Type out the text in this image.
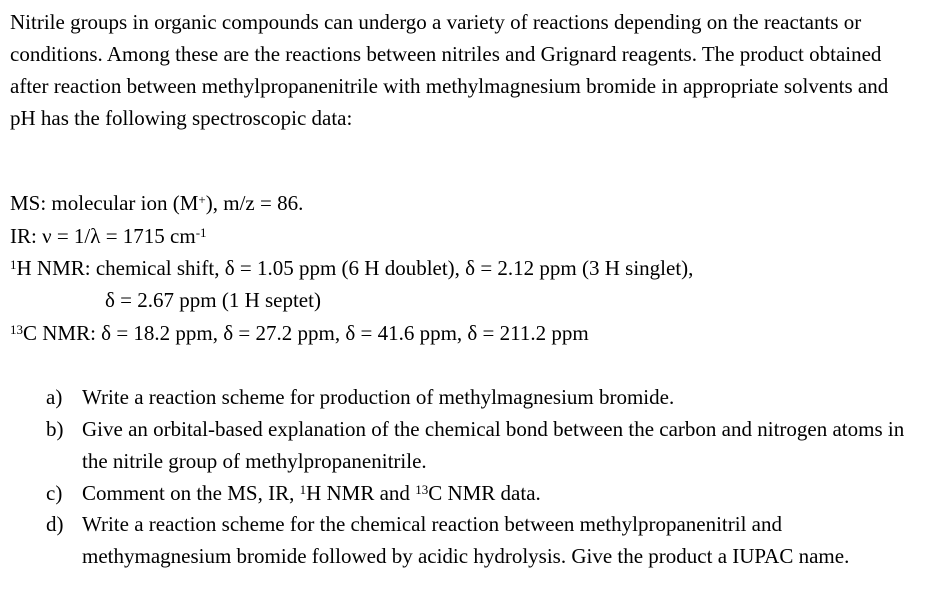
Nitrile groups in organic compounds can undergo a variety of reactions depending on the reactants or conditions. Among these are the reactions between nitriles and Grignard reagents. The product obtained after reaction between methylpropanenitrile with methylmagnesium bromide in appropriate solvents and pH has the following spectroscopic data:

MS: molecular ion (M+), m/z = 86.
IR: ν = 1/λ = 1715 $cm^{-1}$
$^1$H NMR: chemical shift, δ = 1.05 ppm (6 H doublet), δ = 2.12 ppm (3 H singlet),
δ = 2.67 ppm (1 H septet)
$^{13}$C NMR: δ = 18.2 ppm, δ = 27.2 ppm, δ = 41.6 ppm, δ = 211.2 ppm
a) Write a reaction scheme for production of methylmagnesium bromide.
b) Give an orbital-based explanation of the chemical bond between the carbon and nitrogen atoms in the nitrile group of methylpropanenitrile.
c) Comment on the MS, IR, $^1$H NMR and $^{13}$C NMR data.
d) Write a reaction scheme for the chemical reaction between methylpropanenitril and methymagnesium bromide followed by acidic hydrolysis. Give the product a IUPAC name.
